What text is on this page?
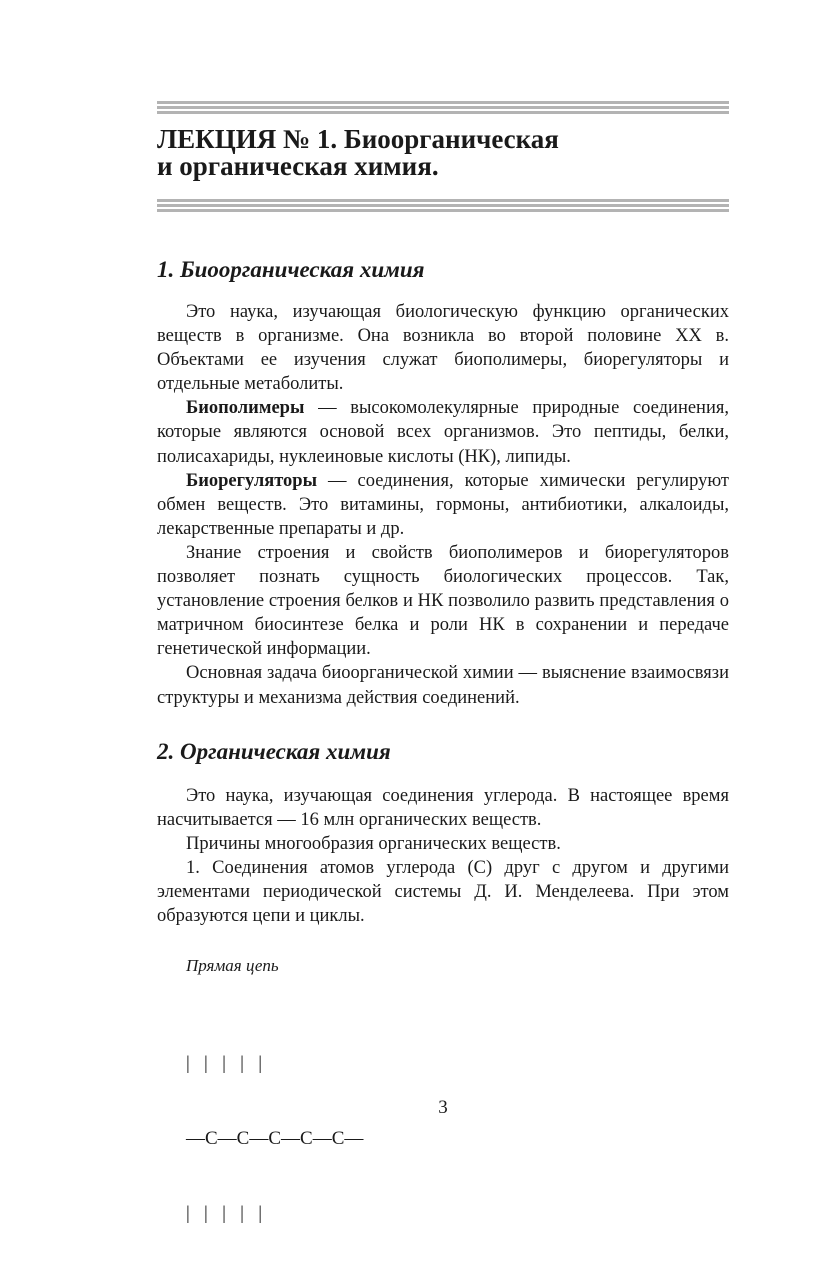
ЛЕКЦИЯ № 1. Биоорганическая
и органическая химия.
1. Биоорганическая химия

Это наука, изучающая биологическую функцию органических веществ в организме. Она возникла во второй половине XX в. Объектами ее изучения служат биополимеры, биорегуляторы и отдельные метаболиты.

Биополимеры — высокомолекулярные природные соединения, которые являются основой всех организмов. Это пептиды, белки, полисахариды, нуклеиновые кислоты (НК), липиды.

Биорегуляторы — соединения, которые химически регулируют обмен веществ. Это витамины, гормоны, антибиотики, алкалоиды, лекарственные препараты и др.

Знание строения и свойств биополимеров и биорегуляторов позволяет познать сущность биологических процессов. Так, установление строения белков и НК позволило развить представления о матричном биосинтезе белка и роли НК в сохранении и передаче генетической информации.

Основная задача биоорганической химии — выяснение взаимосвязи структуры и механизма действия соединений.

2. Органическая химия

Это наука, изучающая соединения углерода. В настоящее время насчитывается — 16 млн органических веществ.

Причины многообразия органических веществ.

1. Соединения атомов углерода (С) друг с другом и другими элементами периодической системы Д. И. Менделеева. При этом образуются цепи и циклы.

Прямая цепь

|   |   |   |   |

—C—C—C—C—C—

|   |   |   |   |

3
